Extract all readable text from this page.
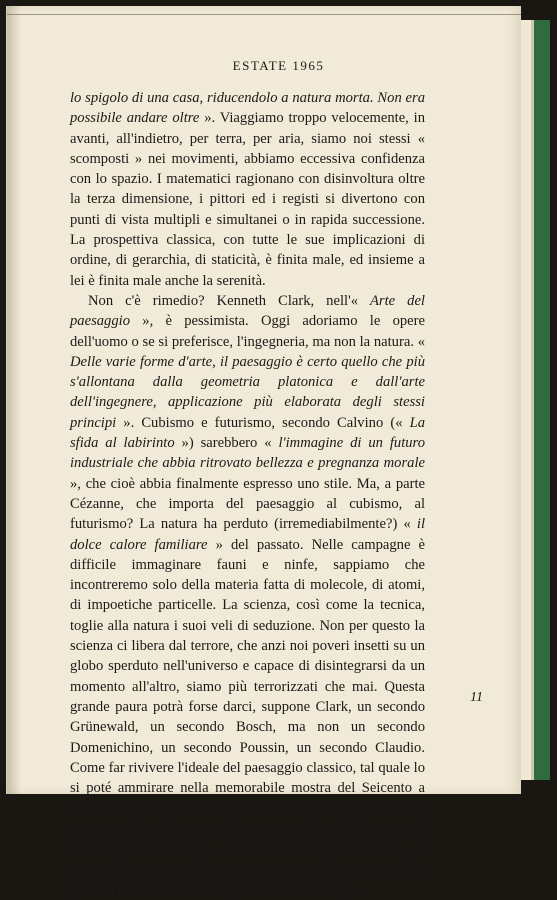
ESTATE 1965

lo spigolo di una casa, riducendolo a natura morta. Non era possibile andare oltre ». Viaggiamo troppo velocemente, in avanti, all'indietro, per terra, per aria, siamo noi stessi « scomposti » nei movimenti, abbiamo eccessiva confidenza con lo spazio. I matematici ragionano con disinvoltura oltre la terza dimensione, i pittori ed i registi si divertono con punti di vista multipli e simultanei o in rapida successione. La prospettiva classica, con tutte le sue implicazioni di ordine, di gerarchia, di staticità, è finita male, ed insieme a lei è finita male anche la serenità.

Non c'è rimedio? Kenneth Clark, nell'« Arte del paesaggio », è pessimista. Oggi adoriamo le opere dell'uomo o se si preferisce, l'ingegneria, ma non la natura. « Delle varie forme d'arte, il paesaggio è certo quello che più s'allontana dalla geometria platonica e dall'arte dell'ingegnere, applicazione più elaborata degli stessi principi ». Cubismo e futurismo, secondo Calvino (« La sfida al labirinto ») sarebbero « l'immagine di un futuro industriale che abbia ritrovato bellezza e pregnanza morale », che cioè abbia finalmente espresso uno stile. Ma, a parte Cézanne, che importa del paesaggio al cubismo, al futurismo? La natura ha perduto (irremediabilmente?) « il dolce calore familiare » del passato. Nelle campagne è difficile immaginare fauni e ninfe, sappiamo che incontreremo solo della materia fatta di molecole, di atomi, di impoetiche particelle. La scienza, così come la tecnica, toglie alla natura i suoi veli di seduzione. Non per questo la scienza ci libera dal terrore, che anzi noi poveri insetti su un globo sperduto nell'universo e capace di disintegrarsi da un momento all'altro, siamo più terrorizzati che mai. Questa grande paura potrà forse darci, suppone Clark, un secondo Grünewald, un secondo Bosch, ma non un secondo Domenichino, un secondo Poussin, un secondo Claudio. Come far rivivere l'ideale del paesaggio classico, tal quale lo si poté ammirare nella memorabile mostra del Seicento a Bologna? Leonardo Borgese ben consiglia ingegneri e geometri di guardare e studiare quei quadri, dove la natura è divinizzata: « chissà, sarebbero forse più belle le autostrade, senza perdere comodo ed anzi acquistandone persino materialmente », qualora i tecnici si ispi-

11
